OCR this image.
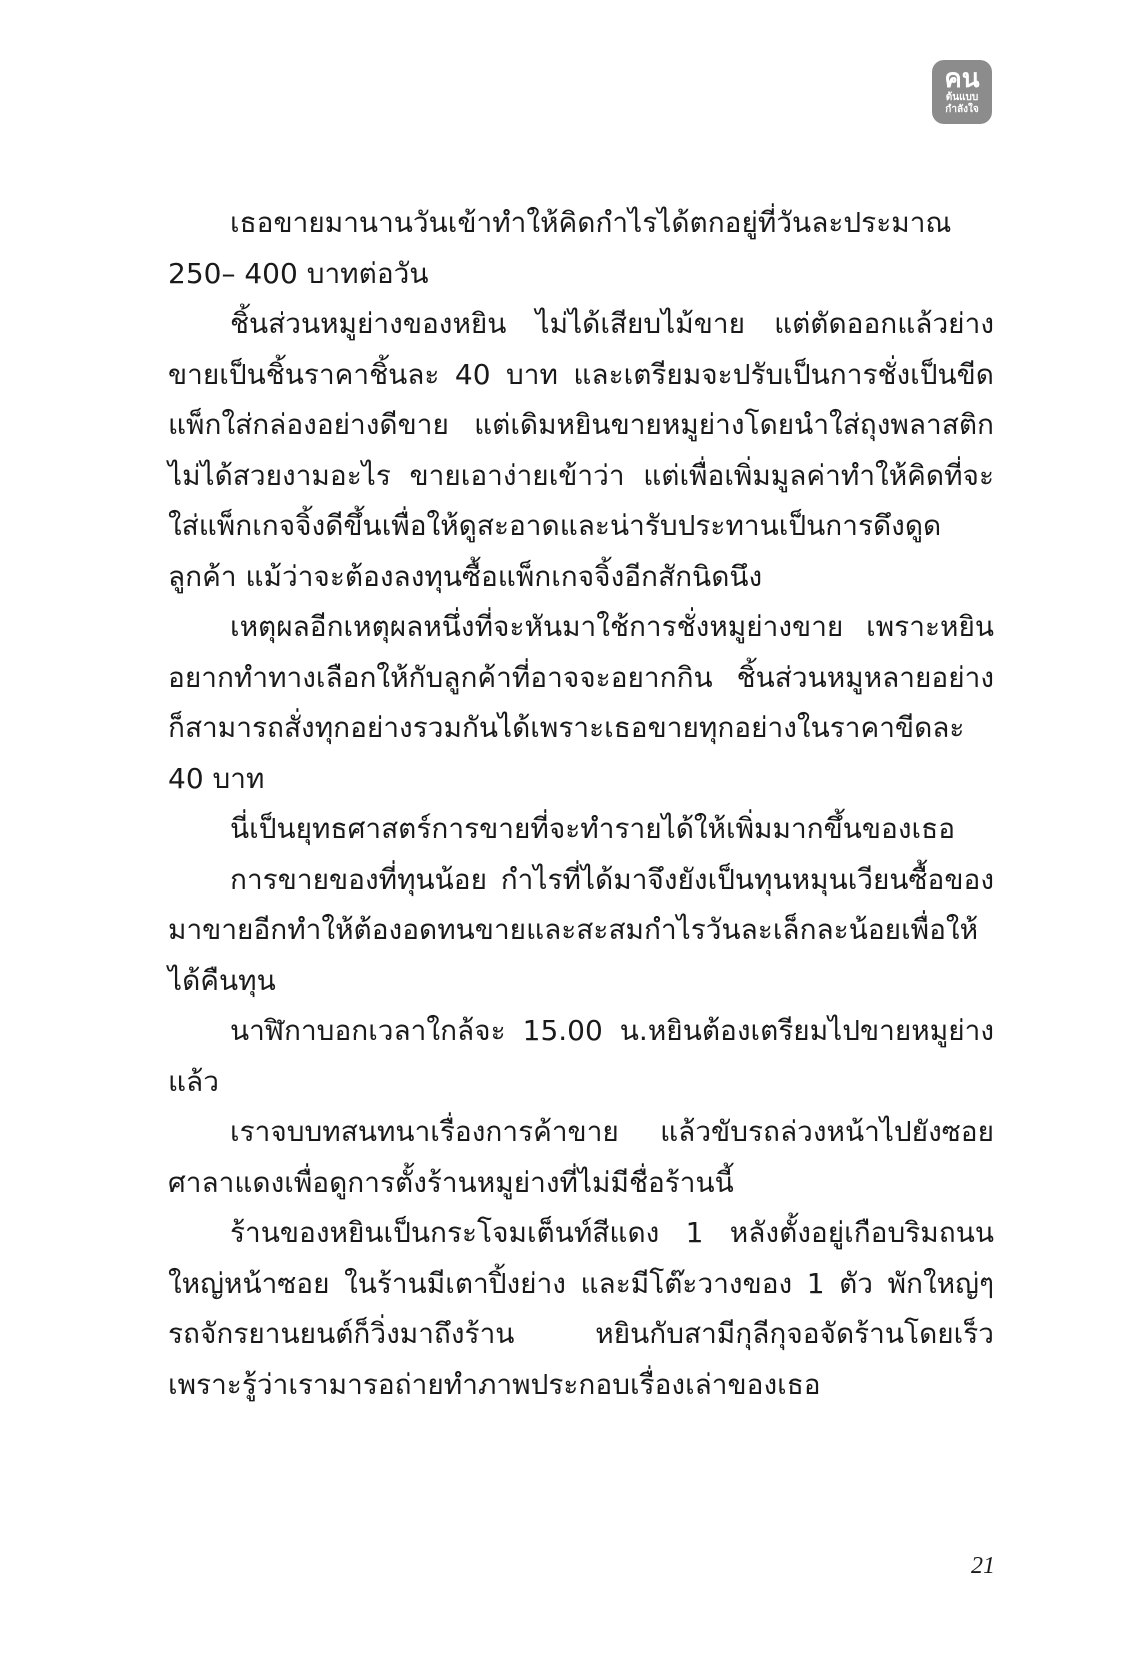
คน
ต้นแบบ
กำลังใจ

เธอขายมานานวันเข้าทำให้คิดกำไรได้ตกอยู่ที่วันละประมาณ 250– 400 บาทต่อวัน

ชิ้นส่วนหมูย่างของหยิน ไม่ได้เสียบไม้ขาย แต่ตัดออกแล้วย่างขายเป็นชิ้นราคาชิ้นละ 40 บาท และเตรียมจะปรับเป็นการชั่งเป็นขีดแพ็กใส่กล่องอย่างดีขาย แต่เดิมหยินขายหมูย่างโดยนำใส่ถุงพลาสติกไม่ได้สวยงามอะไร ขายเอาง่ายเข้าว่า แต่เพื่อเพิ่มมูลค่าทำให้คิดที่จะใส่แพ็กเกจจิ้งดีขึ้นเพื่อให้ดูสะอาดและน่ารับประทานเป็นการดึงดูดลูกค้า แม้ว่าจะต้องลงทุนซื้อแพ็กเกจจิ้งอีกสักนิดนึง

เหตุผลอีกเหตุผลหนึ่งที่จะหันมาใช้การชั่งหมูย่างขาย เพราะหยินอยากทำทางเลือกให้กับลูกค้าที่อาจจะอยากกิน ชิ้นส่วนหมูหลายอย่างก็สามารถสั่งทุกอย่างรวมกันได้เพราะเธอขายทุกอย่างในราคาขีดละ 40 บาท

นี่เป็นยุทธศาสตร์การขายที่จะทำรายได้ให้เพิ่มมากขึ้นของเธอ

การขายของที่ทุนน้อย กำไรที่ได้มาจึงยังเป็นทุนหมุนเวียนซื้อของมาขายอีกทำให้ต้องอดทนขายและสะสมกำไรวันละเล็กละน้อยเพื่อให้ได้คืนทุน

นาฬิกาบอกเวลาใกล้จะ 15.00 น.หยินต้องเตรียมไปขายหมูย่างแล้ว

เราจบบทสนทนาเรื่องการค้าขาย แล้วขับรถล่วงหน้าไปยังซอยศาลาแดงเพื่อดูการตั้งร้านหมูย่างที่ไม่มีชื่อร้านนี้

ร้านของหยินเป็นกระโจมเต็นท์สีแดง 1 หลังตั้งอยู่เกือบริมถนนใหญ่หน้าซอย ในร้านมีเตาปิ้งย่าง และมีโต๊ะวางของ 1 ตัว พักใหญ่ๆ รถจักรยานยนต์ก็วิ่งมาถึงร้าน หยินกับสามีกุลีกุจอจัดร้านโดยเร็ว เพราะรู้ว่าเรามารอถ่ายทำภาพประกอบเรื่องเล่าของเธอ

21
